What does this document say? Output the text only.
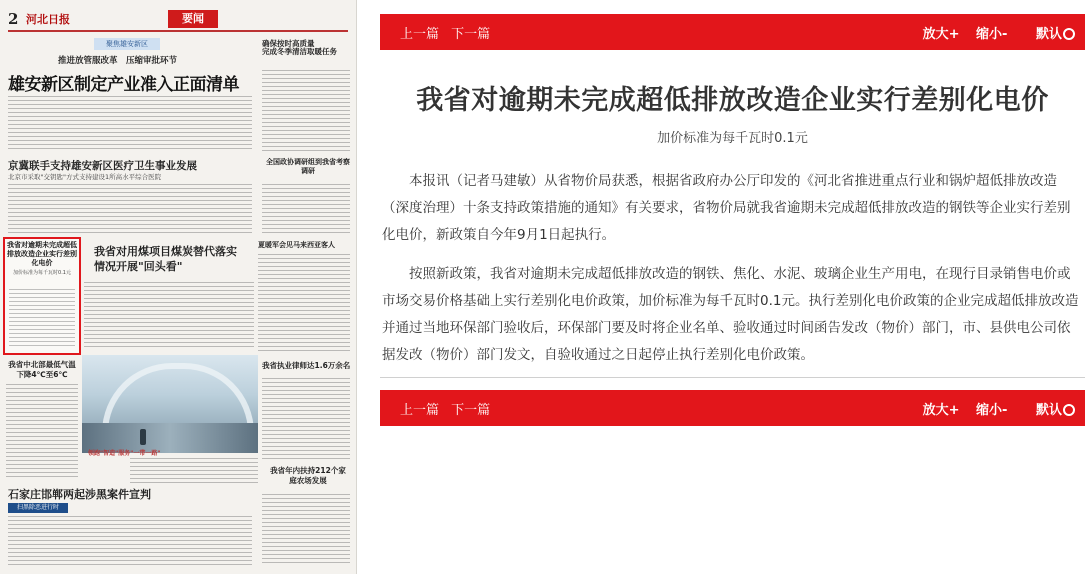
2 河北日报	要闻
聚焦雄安新区
推进放管服改革　压缩审批环节
雄安新区制定产业准入正面清单
确保按时高质量
完成冬季清洁取暖任务
京冀联手支持雄安新区医疗卫生事业发展
北京市采取"交钥匙"方式支持建设1所高水平综合医院
全国政协调研组到我省考察调研
我省对逾期未完成超低排放改造企业实行差别化电价
加价标准为每千瓦时0.1元
我省对用煤项目煤炭替代落实情况开展"回头看"
夏暖军会见马来西亚客人
我省中北部最低气温下降4℃至6℃
领跑"智造"服务"一带一路"
我省执业律师达1.6万余名
我省年内扶持212个家庭农场发展
石家庄邯郸两起涉黑案件宣判
扫黑除恶进行时
上一篇 下一篇	放大+ 缩小- 默认
我省对逾期未完成超低排放改造企业实行差别化电价
加价标准为每千瓦时0.1元

本报讯（记者马建敏）从省物价局获悉，根据省政府办公厅印发的《河北省推进重点行业和锅炉超低排放改造（深度治理）十条支持政策措施的通知》有关要求，省物价局就我省逾期未完成超低排放改造的钢铁等企业实行差别化电价，新政策自今年9月1日起执行。

按照新政策，我省对逾期未完成超低排放改造的钢铁、焦化、水泥、玻璃企业生产用电，在现行目录销售电价或市场交易价格基础上实行差别化电价政策，加价标准为每千瓦时0.1元。执行差别化电价政策的企业完成超低排放改造并通过当地环保部门验收后，环保部门要及时将企业名单、验收通过时间函告发改（物价）部门，市、县供电公司依据发改（物价）部门发文，自验收通过之日起停止执行差别化电价政策。

上一篇 下一篇	放大+ 缩小- 默认
